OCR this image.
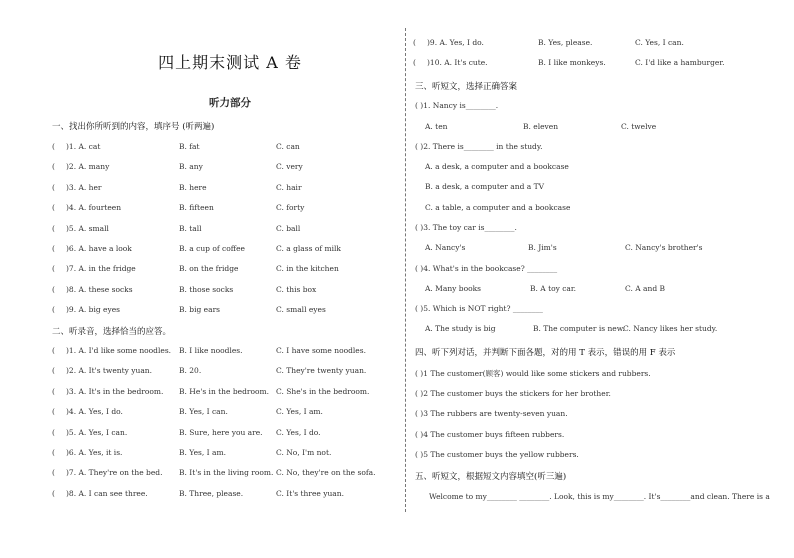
四上期末测试 A 卷
听力部分
一、找出你所听到的内容，填序号 (听两遍)
( )1. A. cat	B. fat	C. can
( )2. A. many	B. any	C. very
( )3. A. her	B. here	C. hair
( )4. A. fourteen	B. fifteen	C. forty
( )5. A. small	B. tall	C. ball
( )6. A. have a look	B. a cup of coffee	C. a glass of milk
( )7. A. in the fridge	B. on the fridge	C. in the kitchen
( )8. A. these socks	B. those socks	C. this box
( )9. A. big eyes	B. big ears	C. small eyes
二、听录音，选择恰当的应答。
( )1. A. I'd like some noodles. B. I like noodles.	C. I have some noodles.
( )2. A. It's twenty yuan.	B. 20.	C. They're twenty yuan.
( )3. A. It's in the bedroom. B. He's in the bedroom. C. She's in the bedroom.
( )4. A. Yes, I do.	B. Yes, I can.	C. Yes, I am.
( )5. A. Yes, I can.	B. Sure, here you are. C. Yes, I do.
( )6. A. Yes, it is.	B. Yes, I am.	C. No, I'm not.
( )7. A. They're on the bed. B. It's in the living room. C. No, they're on the sofa.
( )8. A. I can see three.	B. Three, please.	C. It's three yuan.
( )9. A. Yes, I do.	B. Yes, please.	C. Yes, I can.
( )10. A. It's cute.	B. I like monkeys.	C. I'd like a hamburger.
三、听短文，选择正确答案
( )1. Nancy is________.
A. ten	B. eleven	C. twelve
( )2. There is________ in the study.
A. a desk, a computer and a bookcase
B. a desk, a computer and a TV
C. a table, a computer and a bookcase
( )3. The toy car is________.
A. Nancy's	B. Jim's	C. Nancy's brother's
( )4. What's in the bookcase? ________
A. Many books	B. A toy car.	C. A and B
( )5. Which is NOT right? ________
A. The study is big	B. The computer is new.
C. Nancy likes her study.
四、听下列对话，并判断下面各题，对的用 T 表示，错误的用 F 表示
( )1 The customer(顾客) would like some stickers and rubbers.
( )2 The customer buys the stickers for her brother.
( )3 The rubbers are twenty-seven yuan.
( )4 The customer buys fifteen rubbers.
( )5 The customer buys the yellow rubbers.
五、听短文，根据短文内容填空(听三遍)
Welcome to my________ ________. Look, this is my________. It's________and clean. There is a
